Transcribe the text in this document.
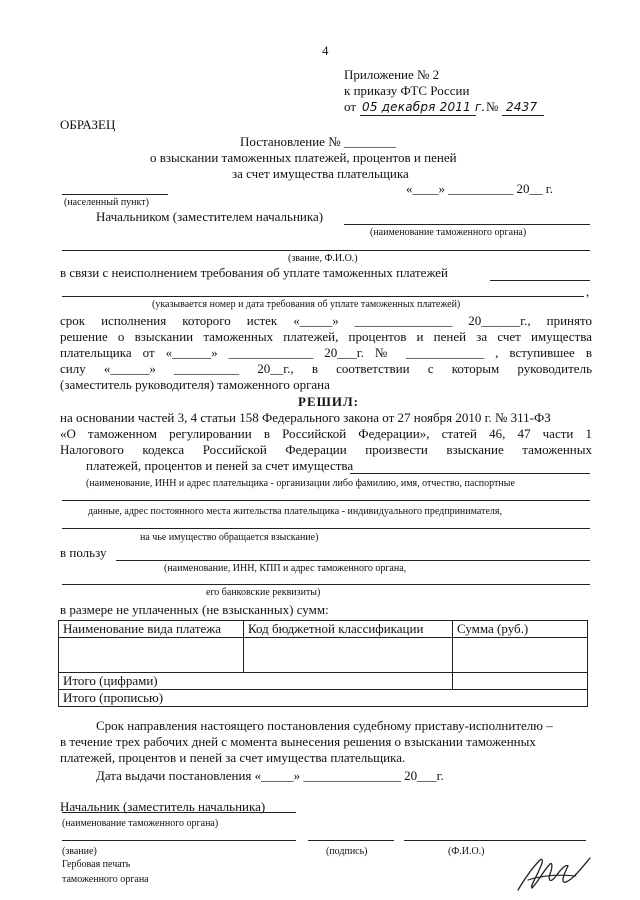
4
Приложение № 2
к приказу ФТС России
от 05 декабря 2011 г. № 2437
ОБРАЗЕЦ
Постановление № ________
о взыскании таможенных платежей, процентов и пеней
за счет имущества плательщика
«____» __________ 20__ г.
(населенный пункт)
Начальником (заместителем начальника)
(наименование таможенного органа)
(звание, Ф.И.О.)
в связи с неисполнением требования об уплате таможенных платежей
,
(указывается номер и дата требования об уплате таможенных платежей)
срок исполнения которого истек «_____» _______________ 20______г., принято
решение о взыскании таможенных платежей, процентов и пеней за счет имущества
плательщика от «______» _____________ 20___г. № ____________ , вступившее в
силу «______» __________ 20__г., в соответствии с которым руководитель
(заместитель руководителя) таможенного органа
РЕШИЛ:
на основании частей 3, 4 статьи 158 Федерального закона от 27 ноября 2010 г. № 311-ФЗ
«О таможенном регулировании в Российской Федерации», статей 46, 47 части 1
Налогового кодекса Российской Федерации произвести взыскание таможенных
платежей, процентов и пеней за счет имущества
(наименование, ИНН и адрес плательщика - организации либо фамилию, имя, отчество, паспортные
данные, адрес постоянного места жительства плательщика - индивидуального предпринимателя,
на чье имущество обращается взыскание)
в пользу
(наименование, ИНН, КПП и адрес таможенного органа,
его банковские реквизиты)
в размере не уплаченных (не взысканных) сумм:
Наименование вида платежа	Код бюджетной классификации	Сумма (руб.)

Итого (цифрами)		
Итого (прописью)		
Срок направления настоящего постановления судебному приставу-исполнителю –
в течение трех рабочих дней с момента вынесения решения о взыскании таможенных
платежей, процентов и пеней за счет имущества плательщика.
Дата выдачи постановления «_____» _______________ 20___г.
Начальник (заместитель начальника)
(наименование таможенного органа)
(звание)	(подпись)	(Ф.И.О.)
Гербовая печать
таможенного органа
